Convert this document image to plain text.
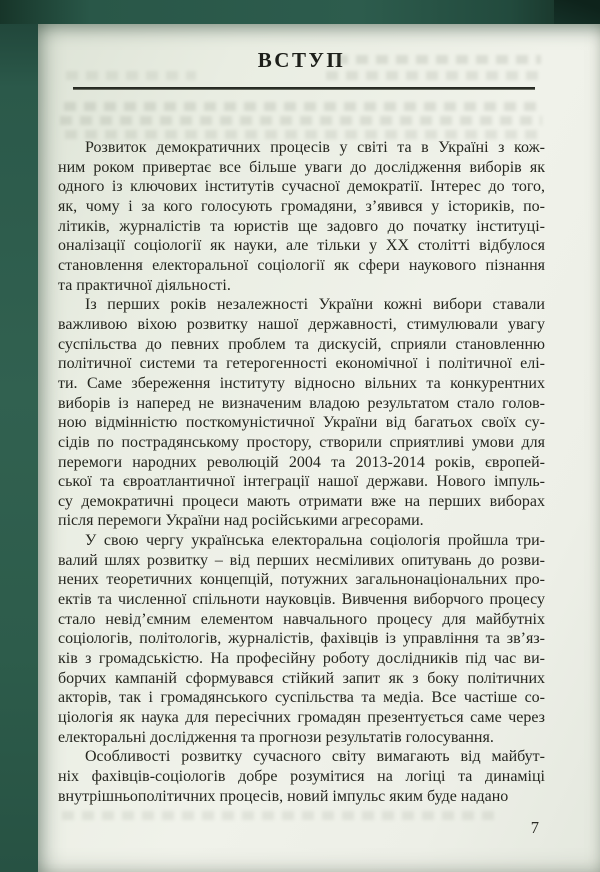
ВСТУП
Розвиток демократичних процесів у світі та в Україні з кож-
ним роком привертає все більше уваги до дослідження виборів як
одного із ключових інститутів сучасної демократії. Інтерес до того,
як, чому і за кого голосують громадяни, з’явився у істориків, по-
літиків, журналістів та юристів ще задовго до початку інституці-
оналізації соціології як науки, але тільки у XX столітті відбулося
становлення електоральної соціології як сфери наукового пізнання
та практичної діяльності.
Із перших років незалежності України кожні вибори ставали
важливою віхою розвитку нашої державності, стимулювали увагу
суспільства до певних проблем та дискусій, сприяли становленню
політичної системи та гетерогенності економічної і політичної елі-
ти. Саме збереження інституту відносно вільних та конкурентних
виборів із наперед не визначеним владою результатом стало голов-
ною відмінністю посткомуністичної України від багатьох своїх су-
сідів по пострадянському простору, створили сприятливі умови для
перемоги народних революцій 2004 та 2013-2014 років, європей-
ської та євроатлантичної інтеграції нашої держави. Нового імпуль-
су демократичні процеси мають отримати вже на перших виборах
після перемоги України над російськими агресорами.
У свою чергу українська електоральна соціологія пройшла три-
валий шлях розвитку – від перших несміливих опитувань до розви-
нених теоретичних концепцій, потужних загальнонаціональних про-
ектів та численної спільноти науковців. Вивчення виборчого процесу
стало невід’ємним елементом навчального процесу для майбутніх
соціологів, політологів, журналістів, фахівців із управління та зв’яз-
ків з громадськістю. На професійну роботу дослідників під час ви-
борчих кампаній сформувався стійкий запит як з боку політичних
акторів, так і громадянського суспільства та медіа. Все частіше со-
ціологія як наука для пересічних громадян презентується саме через
електоральні дослідження та прогнози результатів голосування.
Особливості розвитку сучасного світу вимагають від майбут-
ніх фахівців-соціологів добре розумітися на логіці та динаміці
внутрішньополітичних процесів, новий імпульс яким буде надано
7
